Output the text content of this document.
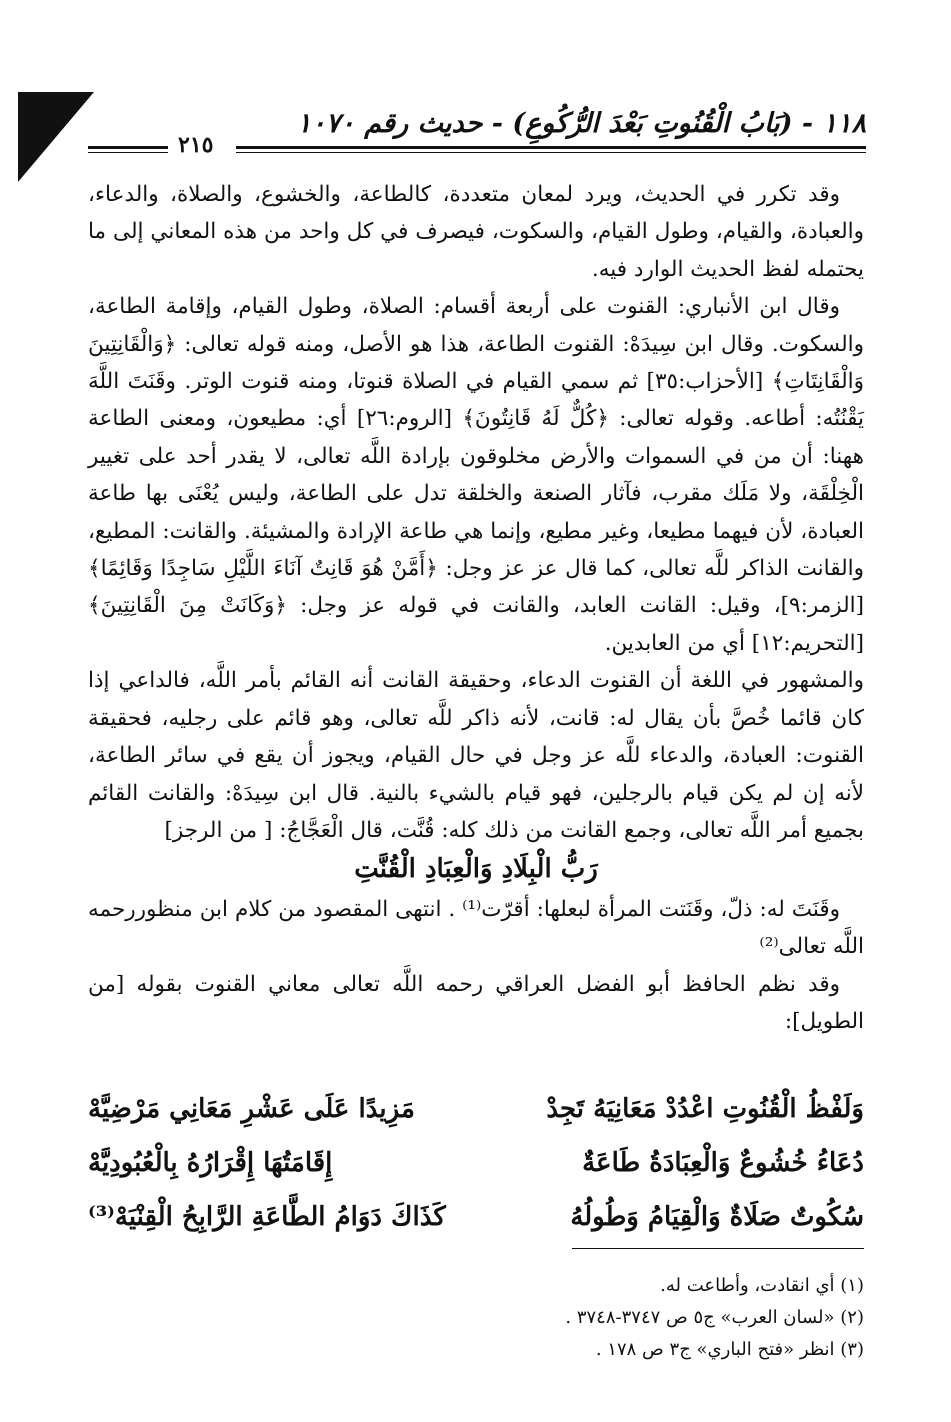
١١٨ - (بَابُ الْقُنُوتِ بَعْدَ الرُّكُوعِ) - حديث رقم ١٠٧٠
٢١٥

وقد تكرر في الحديث، ويرد لمعان متعددة، كالطاعة، والخشوع، والصلاة، والدعاء، والعبادة، والقيام، وطول القيام، والسكوت، فيصرف في كل واحد من هذه المعاني إلى ما يحتمله لفظ الحديث الوارد فيه.

وقال ابن الأنباري: القنوت على أربعة أقسام: الصلاة، وطول القيام، وإقامة الطاعة، والسكوت. وقال ابن سِيدَهْ: القنوت الطاعة، هذا هو الأصل، ومنه قوله تعالى: ﴿وَالْقَانِتِينَ وَالْقَانِتَاتِ﴾ [الأحزاب:٣٥] ثم سمي القيام في الصلاة قنوتا، ومنه قنوت الوتر. وقَنَتَ اللَّهَ يَقْنُتُه: أطاعه. وقوله تعالى: ﴿كُلٌّ لَهُ قَانِتُونَ﴾ [الروم:٢٦] أي: مطيعون، ومعنى الطاعة ههنا: أن من في السموات والأرض مخلوقون بإرادة اللَّه تعالى، لا يقدر أحد على تغيير الْخِلْقَة، ولا مَلَك مقرب، فآثار الصنعة والخلقة تدل على الطاعة، وليس يُعْنَى بها طاعة العبادة، لأن فيهما مطيعا، وغير مطيع، وإنما هي طاعة الإرادة والمشيئة. والقانت: المطيع، والقانت الذاكر للَّه تعالى، كما قال عز عز وجل: ﴿أَمَّنْ هُوَ قَانِتٌ آنَاءَ اللَّيْلِ سَاجِدًا وَقَائِمًا﴾ [الزمر:٩]، وقيل: القانت العابد، والقانت في قوله عز وجل: ﴿وَكَانَتْ مِنَ الْقَانِتِينَ﴾ [التحريم:١٢] أي من العابدين.

والمشهور في اللغة أن القنوت الدعاء، وحقيقة القانت أنه القائم بأمر اللَّه، فالداعي إذا كان قائما خُصَّ بأن يقال له: قانت، لأنه ذاكر للَّه تعالى، وهو قائم على رجليه، فحقيقة القنوت: العبادة، والدعاء للَّه عز وجل في حال القيام، ويجوز أن يقع في سائر الطاعة، لأنه إن لم يكن قيام بالرجلين، فهو قيام بالشيء بالنية. قال ابن سِيدَهْ: والقانت القائم بجميع أمر اللَّه تعالى، وجمع القانت من ذلك كله: قُنَّت، قال الْعَجَّاجُ: [ من الرجز]

رَبُّ الْبِلَادِ وَالْعِبَادِ الْقُنَّتِ

وقَنَتَ له: ذلّ، وقَنَتت المرأة لبعلها: أقرّت⁽¹⁾ . انتهى المقصود من كلام ابن منظوررحمه اللَّه تعالى⁽²⁾

وقد نظم الحافظ أبو الفضل العراقي رحمه اللَّه تعالى معاني القنوت بقوله [من الطويل]:

وَلَفْظُ الْقُنُوتِ اعْدُدْ مَعَانِيَهُ تَجِدْ
مَزِيدًا عَلَى عَشْرِ مَعَانِي مَرْضِيَّهْ
دُعَاءُ خُشُوعٌ وَالْعِبَادَةُ طَاعَةٌ
إِقَامَتُهَا إِقْرَارُهُ بِالْعُبُودِيَّهْ
سُكُوتٌ صَلَاةٌ وَالْقِيَامُ وَطُولُهُ
كَذَاكَ دَوَامُ الطَّاعَةِ الرَّابِحُ الْقِنْيَهْ⁽³⁾
(١) أي انقادت، وأطاعت له.
(٢) «لسان العرب» ج٥ ص ٣٧٤٧-٣٧٤٨ .
(٣) انظر «فتح الباري» ج٣ ص ١٧٨ .
